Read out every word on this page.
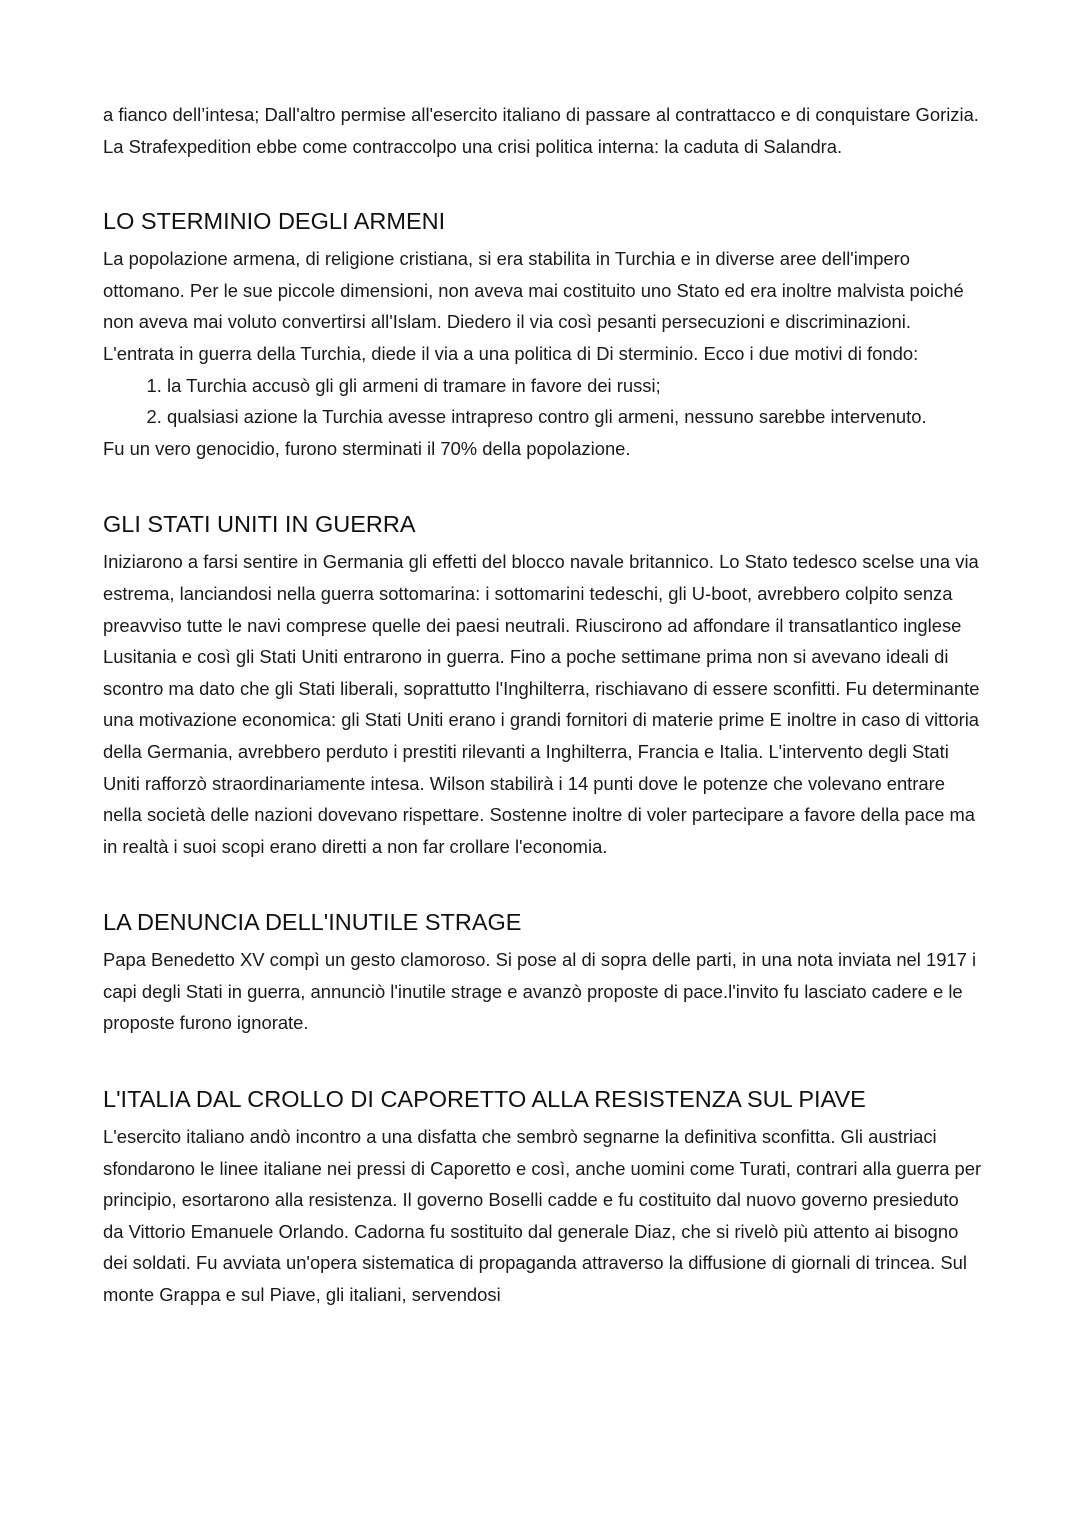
a fianco dell’intesa; Dall'altro permise all'esercito italiano di passare al contrattacco e di conquistare Gorizia. La Strafexpedition ebbe come contraccolpo una crisi politica interna: la caduta di Salandra.

LO STERMINIO DEGLI ARMENI

La popolazione armena, di religione cristiana, si era stabilita in Turchia e in diverse aree dell'impero ottomano. Per le sue piccole dimensioni, non aveva mai costituito uno Stato ed era inoltre malvista poiché non aveva mai voluto convertirsi all'Islam. Diedero il via così pesanti persecuzioni e discriminazioni. L'entrata in guerra della Turchia, diede il via a una politica di Di sterminio. Ecco i due motivi di fondo:

1. la Turchia accusò gli gli armeni di tramare in favore dei russi;
2. qualsiasi azione la Turchia avesse intrapreso contro gli armeni, nessuno sarebbe intervenuto.

Fu un vero genocidio, furono sterminati il 70% della popolazione.

GLI STATI UNITI IN GUERRA

Iniziarono a farsi sentire in Germania gli effetti del blocco navale britannico. Lo Stato tedesco scelse una via estrema, lanciandosi nella guerra sottomarina: i sottomarini tedeschi, gli U-boot, avrebbero colpito senza preavviso tutte le navi comprese quelle dei paesi neutrali. Riuscirono ad affondare il transatlantico inglese Lusitania e così gli Stati Uniti entrarono in guerra. Fino a poche settimane prima non si avevano ideali di scontro ma dato che gli Stati liberali, soprattutto l'Inghilterra, rischiavano di essere sconfitti. Fu determinante una motivazione economica: gli Stati Uniti erano i grandi fornitori di materie prime E inoltre in caso di vittoria della Germania, avrebbero perduto i prestiti rilevanti a Inghilterra, Francia e Italia. L'intervento degli Stati Uniti rafforzò straordinariamente intesa. Wilson stabilirà i 14 punti dove le potenze che volevano entrare nella società delle nazioni dovevano rispettare. Sostenne inoltre di voler partecipare a favore della pace ma in realtà i suoi scopi erano diretti a non far crollare l'economia.

LA DENUNCIA DELL'INUTILE STRAGE

Papa Benedetto XV compì un gesto clamoroso. Si pose al di sopra delle parti, in una nota inviata nel 1917 i capi degli Stati in guerra, annunciò l'inutile strage e avanzò proposte di pace.l'invito fu lasciato cadere e le proposte furono ignorate.

L'ITALIA DAL CROLLO DI CAPORETTO ALLA RESISTENZA SUL PIAVE

L'esercito italiano andò incontro a una disfatta che sembrò segnarne la definitiva sconfitta. Gli austriaci sfondarono le linee italiane nei pressi di Caporetto e così, anche uomini come Turati, contrari alla guerra per principio, esortarono alla resistenza. Il governo Boselli cadde e fu costituito dal nuovo governo presieduto da Vittorio Emanuele Orlando. Cadorna fu sostituito dal generale Diaz, che si rivelò più attento ai bisogno dei soldati. Fu avviata un'opera sistematica di propaganda attraverso la diffusione di giornali di trincea. Sul monte Grappa e sul Piave, gli italiani, servendosi
